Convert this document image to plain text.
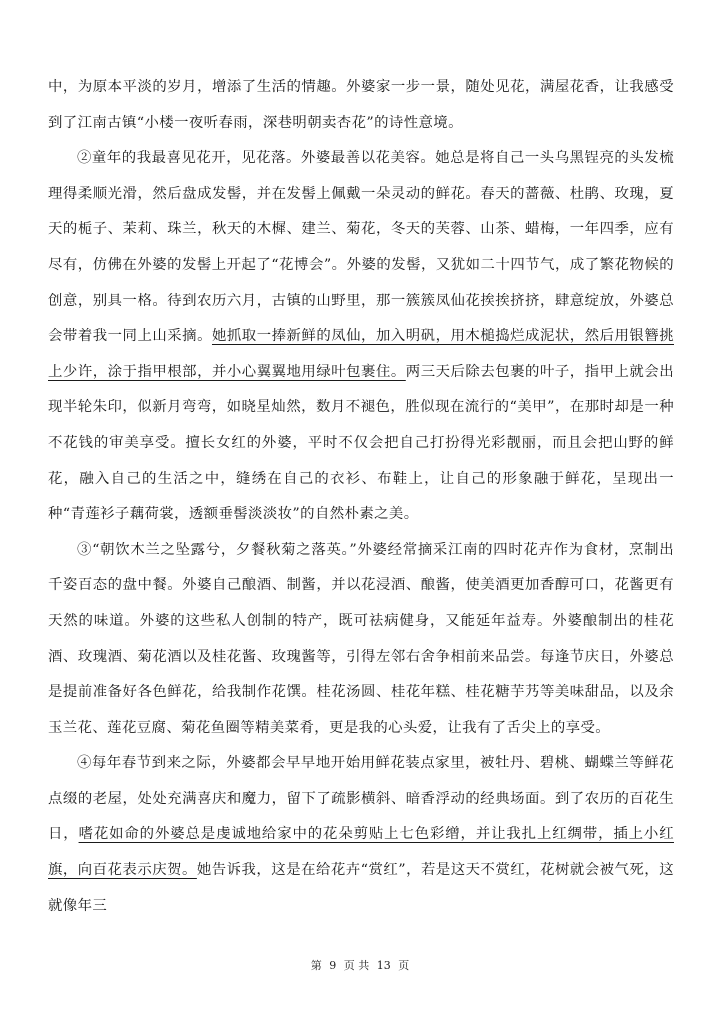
中，为原本平淡的岁月，增添了生活的情趣。外婆家一步一景，随处见花，满屋花香，让我感受到了江南古镇“小楼一夜听春雨，深巷明朝卖杏花”的诗性意境。
②童年的我最喜见花开，见花落。外婆最善以花美容。她总是将自己一头乌黑锃亮的头发梳理得柔顺光滑，然后盘成发髻，并在发髻上佩戴一朵灵动的鲜花。春天的蔷薇、杜鹃、玫瑰，夏天的栀子、茉莉、珠兰，秋天的木樨、建兰、菊花，冬天的芙蓉、山茶、蜡梅，一年四季，应有尽有，仿佛在外婆的发髻上开起了“花博会”。外婆的发髻，又犹如二十四节气，成了繁花物候的创意，别具一格。待到农历六月，古镇的山野里，那一簇簇凤仙花挨挨挤挤，肆意绽放，外婆总会带着我一同上山采摘。她抓取一捧新鲜的凤仙，加入明矾，用木槌捣烂成泥状，然后用银簪挑上少许，涂于指甲根部，并小心翼翼地用绿叶包裹住。两三天后除去包裹的叶子，指甲上就会出现半轮朱印，似新月弯弯，如晓星灿然，数月不褪色，胜似现在流行的“美甲”，在那时却是一种不花钱的审美享受。擅长女红的外婆，平时不仅会把自己打扮得光彩靓丽，而且会把山野的鲜花，融入自己的生活之中，缝绣在自己的衣衫、布鞋上，让自己的形象融于鲜花，呈现出一种“青莲衫子藕荷裳，透额垂髻淡淡妆”的自然朴素之美。
③“朝饮木兰之坠露兮，夕餐秋菊之落英。”外婆经常摘采江南的四时花卉作为食材，烹制出千姿百态的盘中餐。外婆自己酿酒、制酱，并以花浸酒、酿酱，使美酒更加香醇可口，花酱更有天然的味道。外婆的这些私人创制的特产，既可祛病健身，又能延年益寿。外婆酿制出的桂花酒、玫瑰酒、菊花酒以及桂花酱、玫瑰酱等，引得左邻右舍争相前来品尝。每逢节庆日，外婆总是提前准备好各色鲜花，给我制作花馔。桂花汤圆、桂花年糕、桂花糖芋艿等美味甜品，以及余玉兰花、莲花豆腐、菊花鱼圈等精美菜肴，更是我的心头爱，让我有了舌尖上的享受。
④每年春节到来之际，外婆都会早早地开始用鲜花装点家里，被牡丹、碧桃、蝴蝶兰等鲜花点缀的老屋，处处充满喜庆和魔力，留下了疏影横斜、暗香浮动的经典场面。到了农历的百花生日，嗜花如命的外婆总是虔诚地给家中的花朵剪贴上七色彩缯，并让我扎上红绸带，插上小红旗，向百花表示庆贺。她告诉我，这是在给花卉“赏红”，若是这天不赏红，花树就会被气死，这就像年三
第 9 页 共 13 页
